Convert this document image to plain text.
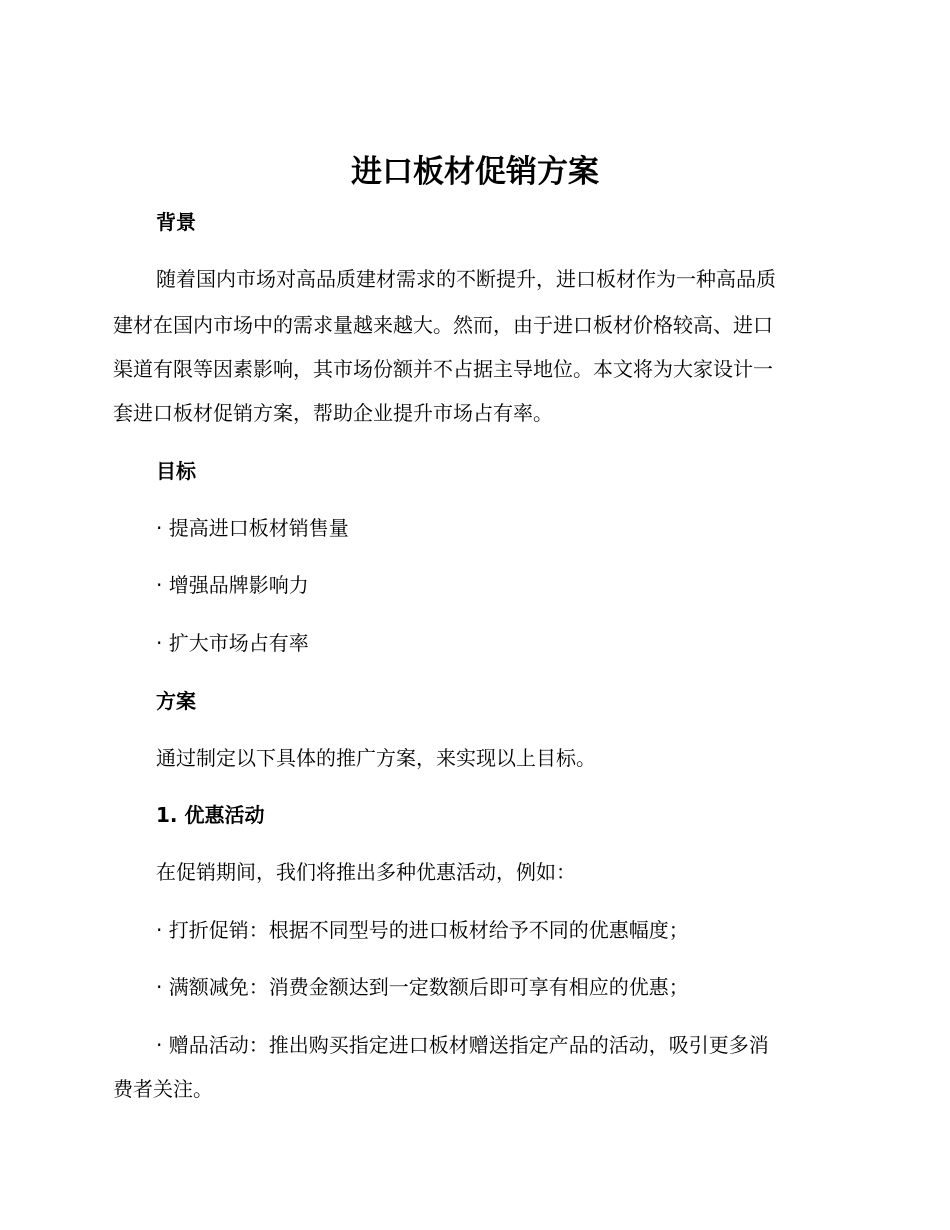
进口板材促销方案
背景

随着国内市场对高品质建材需求的不断提升，进口板材作为一种高品质

建材在国内市场中的需求量越来越大。然而，由于进口板材价格较高、进口

渠道有限等因素影响，其市场份额并不占据主导地位。本文将为大家设计一

套进口板材促销方案，帮助企业提升市场占有率。

目标

· 提高进口板材销售量

· 增强品牌影响力

· 扩大市场占有率

方案

通过制定以下具体的推广方案，来实现以上目标。

1. 优惠活动

在促销期间，我们将推出多种优惠活动，例如：

· 打折促销：根据不同型号的进口板材给予不同的优惠幅度；

· 满额减免：消费金额达到一定数额后即可享有相应的优惠；

· 赠品活动：推出购买指定进口板材赠送指定产品的活动，吸引更多消

费者关注。
